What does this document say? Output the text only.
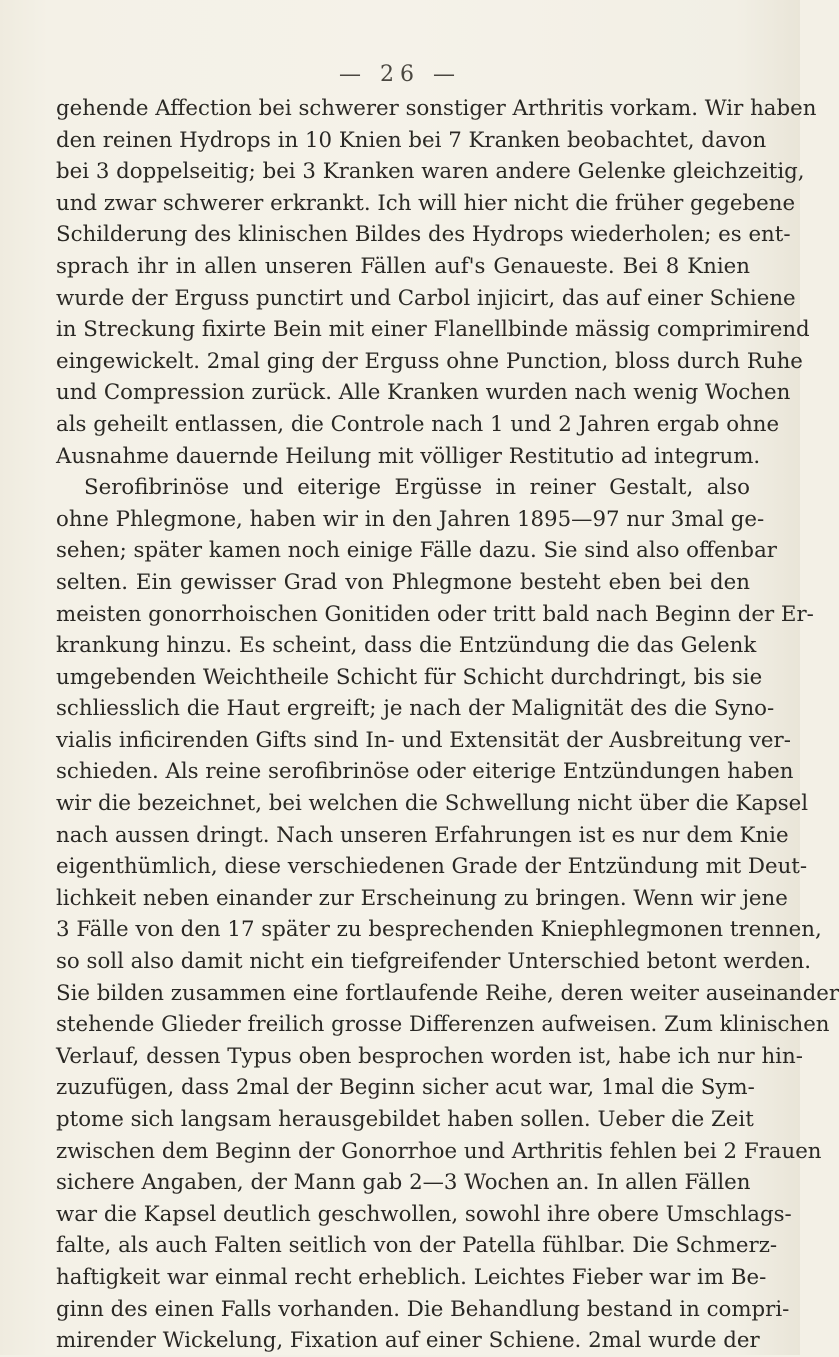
— 26 —
gehende Affection bei schwerer sonstiger Arthritis vorkam. Wir haben
den reinen Hydrops in 10 Knien bei 7 Kranken beobachtet, davon
bei 3 doppelseitig; bei 3 Kranken waren andere Gelenke gleichzeitig,
und zwar schwerer erkrankt. Ich will hier nicht die früher gegebene
Schilderung des klinischen Bildes des Hydrops wiederholen; es ent-
sprach ihr in allen unseren Fällen auf's Genaueste. Bei 8 Knien
wurde der Erguss punctirt und Carbol injicirt, das auf einer Schiene
in Streckung fixirte Bein mit einer Flanellbinde mässig comprimirend
eingewickelt. 2mal ging der Erguss ohne Punction, bloss durch Ruhe
und Compression zurück. Alle Kranken wurden nach wenig Wochen
als geheilt entlassen, die Controle nach 1 und 2 Jahren ergab ohne
Ausnahme dauernde Heilung mit völliger Restitutio ad integrum.
Serofibrinöse und eiterige Ergüsse in reiner Gestalt, also
ohne Phlegmone, haben wir in den Jahren 1895—97 nur 3mal ge-
sehen; später kamen noch einige Fälle dazu. Sie sind also offenbar
selten. Ein gewisser Grad von Phlegmone besteht eben bei den
meisten gonorrhoischen Gonitiden oder tritt bald nach Beginn der Er-
krankung hinzu. Es scheint, dass die Entzündung die das Gelenk
umgebenden Weichtheile Schicht für Schicht durchdringt, bis sie
schliesslich die Haut ergreift; je nach der Malignität des die Syno-
vialis inficirenden Gifts sind In- und Extensität der Ausbreitung ver-
schieden. Als reine serofibrinöse oder eiterige Entzündungen haben
wir die bezeichnet, bei welchen die Schwellung nicht über die Kapsel
nach aussen dringt. Nach unseren Erfahrungen ist es nur dem Knie
eigenthümlich, diese verschiedenen Grade der Entzündung mit Deut-
lichkeit neben einander zur Erscheinung zu bringen. Wenn wir jene
3 Fälle von den 17 später zu besprechenden Kniephlegmonen trennen,
so soll also damit nicht ein tiefgreifender Unterschied betont werden.
Sie bilden zusammen eine fortlaufende Reihe, deren weiter auseinander
stehende Glieder freilich grosse Differenzen aufweisen. Zum klinischen
Verlauf, dessen Typus oben besprochen worden ist, habe ich nur hin-
zuzufügen, dass 2mal der Beginn sicher acut war, 1mal die Sym-
ptome sich langsam herausgebildet haben sollen. Ueber die Zeit
zwischen dem Beginn der Gonorrhoe und Arthritis fehlen bei 2 Frauen
sichere Angaben, der Mann gab 2—3 Wochen an. In allen Fällen
war die Kapsel deutlich geschwollen, sowohl ihre obere Umschlags-
falte, als auch Falten seitlich von der Patella fühlbar. Die Schmerz-
haftigkeit war einmal recht erheblich. Leichtes Fieber war im Be-
ginn des einen Falls vorhanden. Die Behandlung bestand in compri-
mirender Wickelung, Fixation auf einer Schiene. 2mal wurde der
